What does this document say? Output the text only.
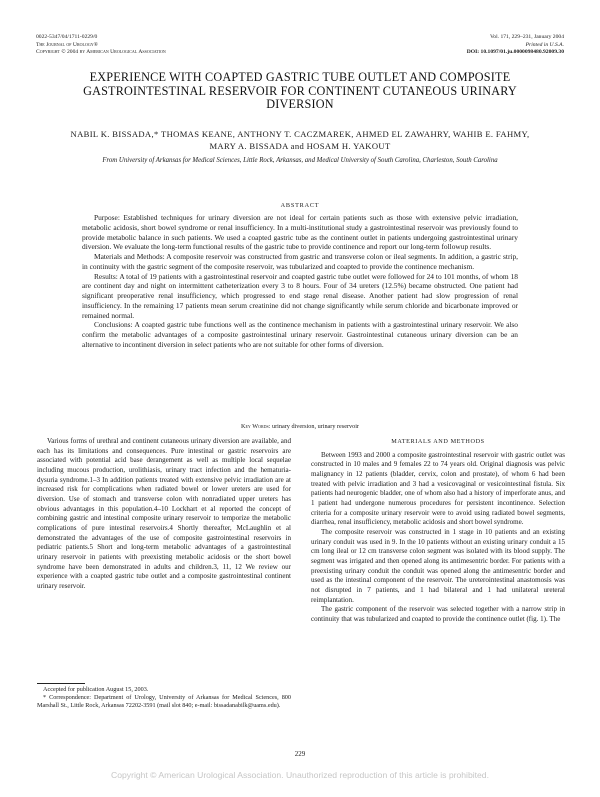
0022-5347/04/1711-0229/0
The Journal of Urology®
Copyright © 2004 by American Urological Association
Vol. 171, 229–231, January 2004
Printed in U.S.A.
DOI: 10.1097/01.ju.0000098480.92009.30
EXPERIENCE WITH COAPTED GASTRIC TUBE OUTLET AND COMPOSITE GASTROINTESTINAL RESERVOIR FOR CONTINENT CUTANEOUS URINARY DIVERSION
NABIL K. BISSADA,* THOMAS KEANE, ANTHONY T. CACZMAREK, AHMED EL ZAWAHRY, WAHIB E. FAHMY, MARY A. BISSADA and HOSAM H. YAKOUT
From University of Arkansas for Medical Sciences, Little Rock, Arkansas, and Medical University of South Carolina, Charleston, South Carolina
ABSTRACT

Purpose: Established techniques for urinary diversion are not ideal for certain patients such as those with extensive pelvic irradiation, metabolic acidosis, short bowel syndrome or renal insufficiency. In a multi-institutional study a gastrointestinal reservoir was previously found to provide metabolic balance in such patients. We used a coapted gastric tube as the continent outlet in patients undergoing gastrointestinal urinary diversion. We evaluate the long-term functional results of the gastric tube to provide continence and report our long-term followup results.

Materials and Methods: A composite reservoir was constructed from gastric and transverse colon or ileal segments. In addition, a gastric strip, in continuity with the gastric segment of the composite reservoir, was tubularized and coapted to provide the continence mechanism.

Results: A total of 19 patients with a gastrointestinal reservoir and coapted gastric tube outlet were followed for 24 to 101 months, of whom 18 are continent day and night on intermittent catheterization every 3 to 8 hours. Four of 34 ureters (12.5%) became obstructed. One patient had significant preoperative renal insufficiency, which progressed to end stage renal disease. Another patient had slow progression of renal insufficiency. In the remaining 17 patients mean serum creatinine did not change significantly while serum chloride and bicarbonate improved or remained normal.

Conclusions: A coapted gastric tube functions well as the continence mechanism in patients with a gastrointestinal urinary reservoir. We also confirm the metabolic advantages of a composite gastrointestinal urinary reservoir. Gastrointestinal cutaneous urinary diversion can be an alternative to incontinent diversion in select patients who are not suitable for other forms of diversion.

Key Words: urinary diversion, urinary reservoir

Various forms of urethral and continent cutaneous urinary diversion are available, and each has its limitations and consequences. Pure intestinal or gastric reservoirs are associated with potential acid base derangement as well as multiple local sequelae including mucous production, urolithiasis, urinary tract infection and the hematuria-dysuria syndrome.1–3 In addition patients treated with extensive pelvic irradiation are at increased risk for complications when radiated bowel or lower ureters are used for diversion. Use of stomach and transverse colon with nonradiated upper ureters has obvious advantages in this population.4–10 Lockhart et al reported the concept of combining gastric and intestinal composite urinary reservoir to temporize the metabolic complications of pure intestinal reservoirs.4 Shortly thereafter, McLaughlin et al demonstrated the advantages of the use of composite gastrointestinal reservoirs in pediatric patients.5 Short and long-term metabolic advantages of a gastrointestinal urinary reservoir in patients with preexisting metabolic acidosis or the short bowel syndrome have been demonstrated in adults and children.3, 11, 12 We review our experience with a coapted gastric tube outlet and a composite gastrointestinal continent urinary reservoir.

Accepted for publication August 15, 2003.

* Correspondence: Department of Urology, University of Arkansas for Medical Sciences, 800 Marshall St., Little Rock, Arkansas 72202-3591 (mail slot 840; e-mail: bissadanabilk@uams.edu).

MATERIALS AND METHODS

Between 1993 and 2000 a composite gastrointestinal reservoir with gastric outlet was constructed in 10 males and 9 females 22 to 74 years old. Original diagnosis was pelvic malignancy in 12 patients (bladder, cervix, colon and prostate), of whom 6 had been treated with pelvic irradiation and 3 had a vesicovaginal or vesicointestinal fistula. Six patients had neurogenic bladder, one of whom also had a history of imperforate anus, and 1 patient had undergone numerous procedures for persistent incontinence. Selection criteria for a composite urinary reservoir were to avoid using radiated bowel segments, diarrhea, renal insufficiency, metabolic acidosis and short bowel syndrome.

The composite reservoir was constructed in 1 stage in 10 patients and an existing urinary conduit was used in 9. In the 10 patients without an existing urinary conduit a 15 cm long ileal or 12 cm transverse colon segment was isolated with its blood supply. The segment was irrigated and then opened along its antimesentric border. For patients with a preexisting urinary conduit the conduit was opened along the antimesentric border and used as the intestinal component of the reservoir. The ureterointestinal anastomosis was not disrupted in 7 patients, and 1 had bilateral and 1 had unilateral ureteral reimplantation.

The gastric component of the reservoir was selected together with a narrow strip in continuity that was tubularized and coapted to provide the continence outlet (fig. 1). The

229
Copyright © American Urological Association. Unauthorized reproduction of this article is prohibited.
